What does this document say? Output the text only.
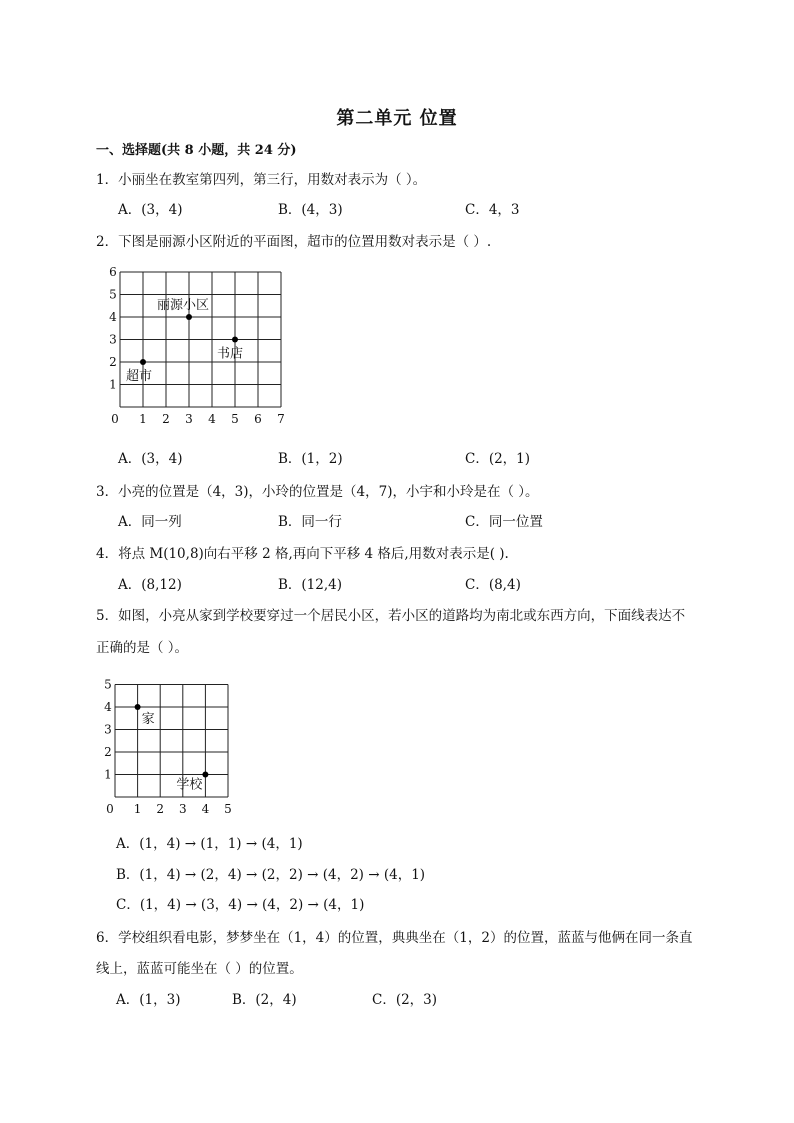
第二单元 位置
一、选择题(共 8 小题，共 24 分)
1．小丽坐在教室第四列，第三行，用数对表示为（ ）。
A．(3，4)	B．(4，3)	C．4，3
2．下图是丽源小区附近的平面图，超市的位置用数对表示是（ ）.
0 1 2 3 4 5 6 7
1
2
3
4
5
6
丽源小区
书店
超市
A．(3，4)	B．(1，2)	C．(2，1)
3．小亮的位置是（4，3)，小玲的位置是（4，7)，小宇和小玲是在（ ）。
A．同一列	B．同一行	C．同一位置
4．将点 M(10,8)向右平移 2 格,再向下平移 4 格后,用数对表示是( ).
A．(8,12)	B．(12,4)	C．(8,4)
5．如图，小亮从家到学校要穿过一个居民小区，若小区的道路均为南北或东西方向，下面线表达不
正确的是（ ）。
0 1 2 3 4 5
1
2
3
4
5
家
学校
A．(1，4) → (1，1) → (4，1)
B．(1，4) → (2，4) → (2，2) → (4，2) → (4，1)
C．(1，4) → (3，4) → (4，2) → (4，1)
6．学校组织看电影，梦梦坐在（1，4）的位置，典典坐在（1，2）的位置，蓝蓝与他俩在同一条直
线上，蓝蓝可能坐在（ ）的位置。
A．(1，3)	B．(2，4)	C．(2，3)
